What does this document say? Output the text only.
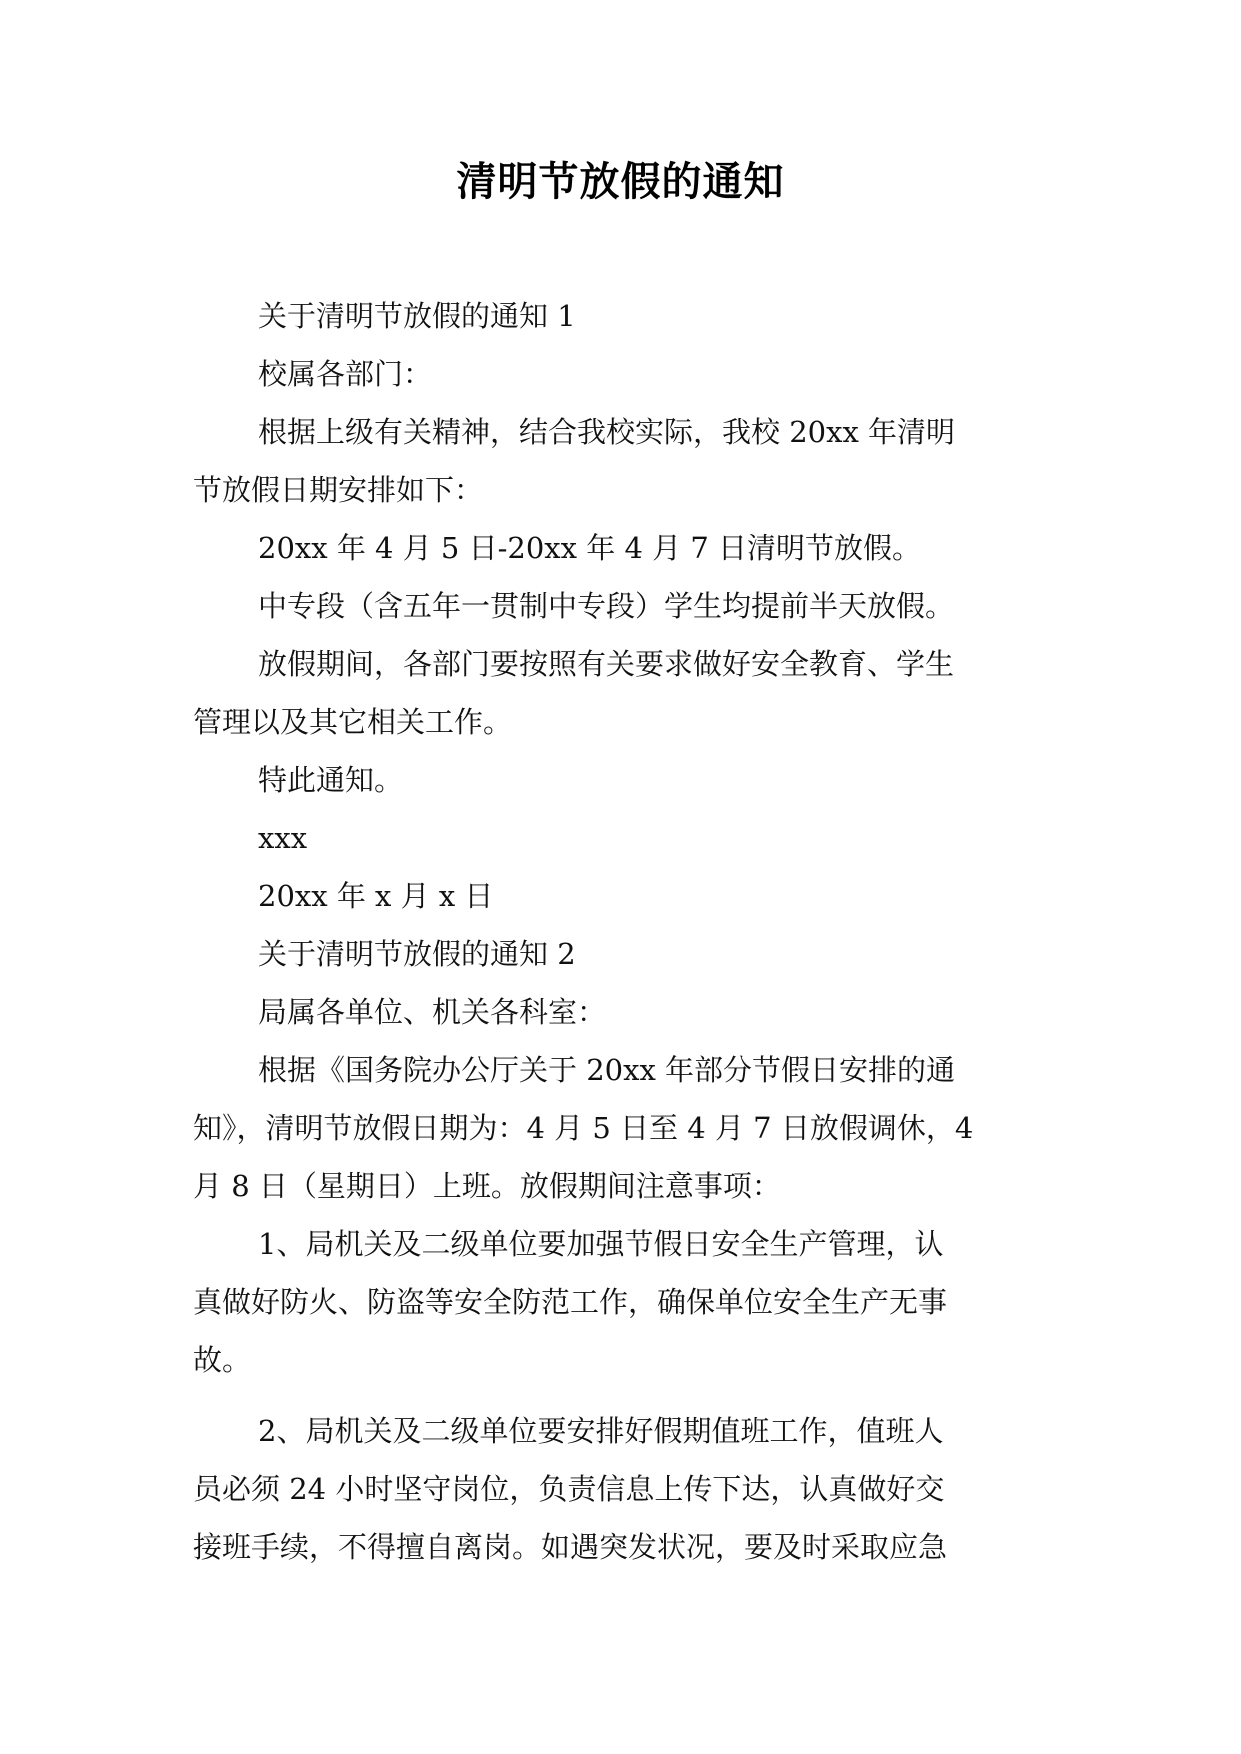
清明节放假的通知
关于清明节放假的通知 1
校属各部门：
根据上级有关精神，结合我校实际，我校 20xx 年清明
节放假日期安排如下：
20xx 年 4 月 5 日-20xx 年 4 月 7 日清明节放假。
中专段（含五年一贯制中专段）学生均提前半天放假。
放假期间，各部门要按照有关要求做好安全教育、学生
管理以及其它相关工作。
特此通知。
xxx
20xx 年 x 月 x 日
关于清明节放假的通知 2
局属各单位、机关各科室：
根据《国务院办公厅关于 20xx 年部分节假日安排的通
知》，清明节放假日期为：4 月 5 日至 4 月 7 日放假调休，4
月 8 日（星期日）上班。放假期间注意事项：
1、局机关及二级单位要加强节假日安全生产管理，认
真做好防火、防盗等安全防范工作，确保单位安全生产无事
故。
2、局机关及二级单位要安排好假期值班工作，值班人
员必须 24 小时坚守岗位，负责信息上传下达，认真做好交
接班手续，不得擅自离岗。如遇突发状况，要及时采取应急
